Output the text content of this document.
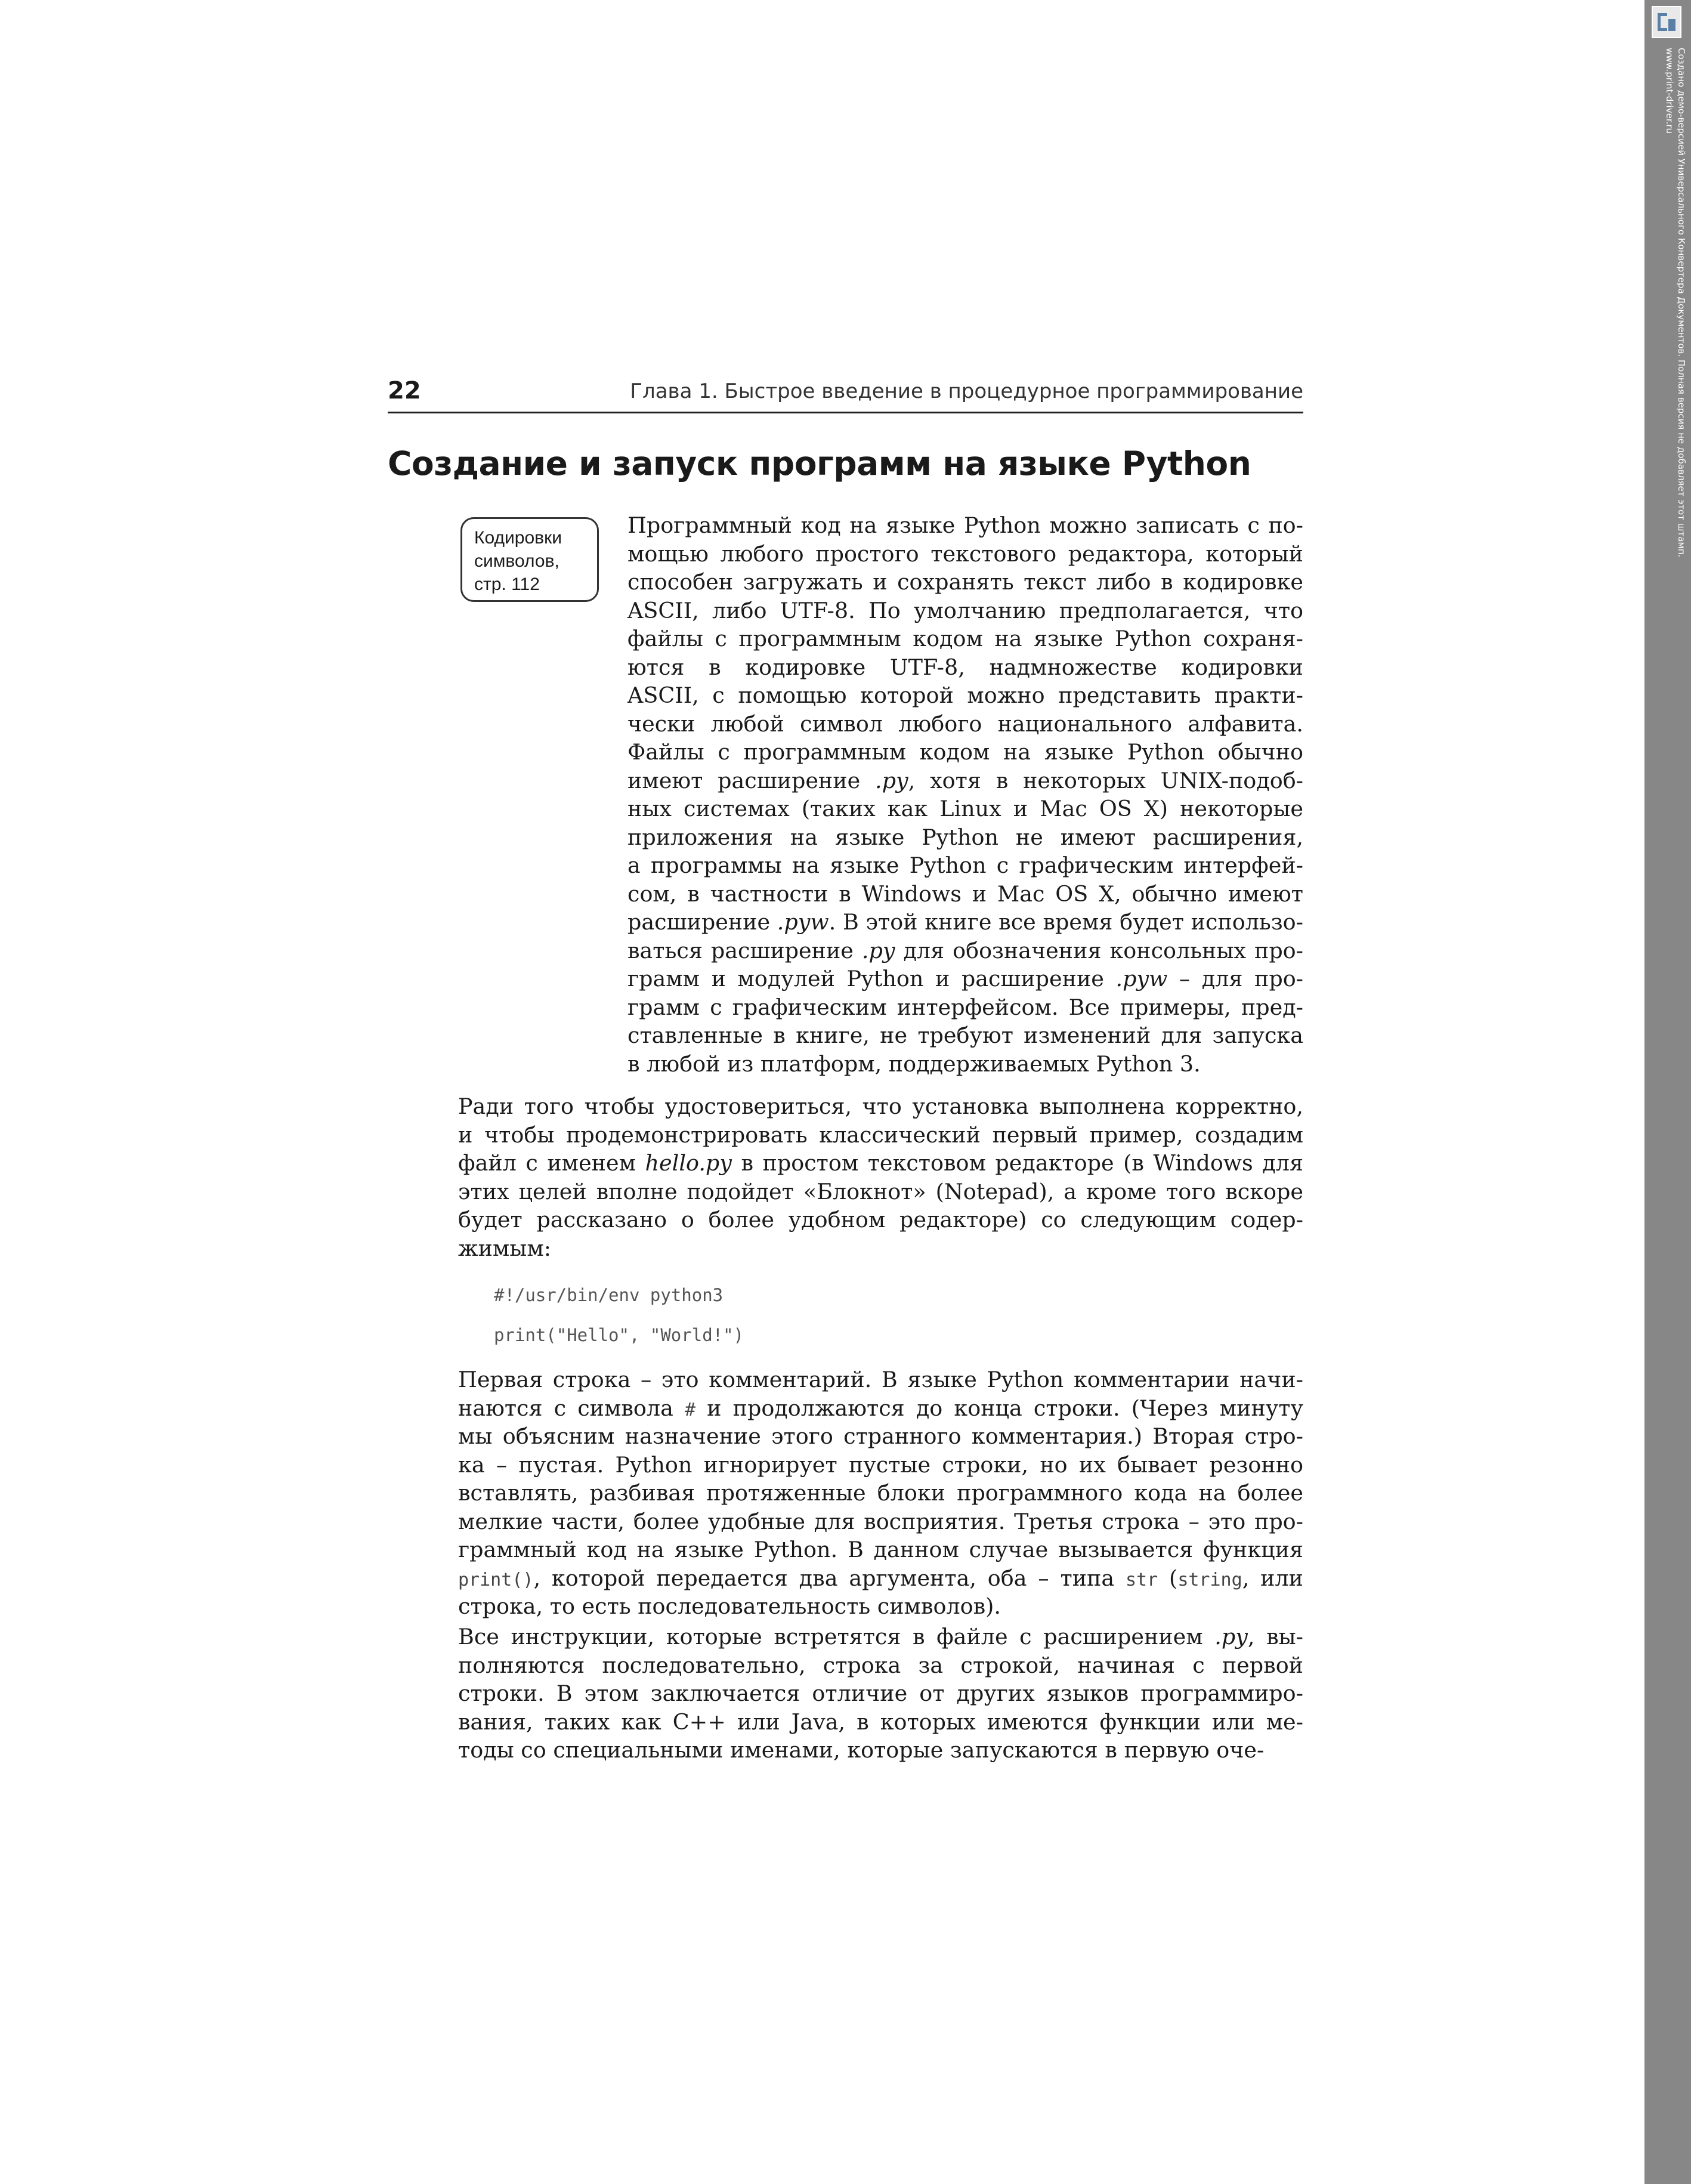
22	Глава 1. Быстрое введение в процедурное программирование
Создание и запуск программ на языке Python
Кодировки
символов,
стр. 112
Программный код на языке Python можно записать с по-
мощью любого простого текстового редактора, который
способен загружать и сохранять текст либо в кодировке
ASCII, либо UTF-8. По умолчанию предполагается, что
файлы с программным кодом на языке Python сохраня-
ются в кодировке UTF-8, надмножестве кодировки
ASCII, с помощью которой можно представить практи-
чески любой символ любого национального алфавита.
Файлы с программным кодом на языке Python обычно
имеют расширение .py, хотя в некоторых UNIX-подоб-
ных системах (таких как Linux и Mac OS X) некоторые
приложения на языке Python не имеют расширения,
а программы на языке Python с графическим интерфей-
сом, в частности в Windows и Mac OS X, обычно имеют
расширение .pyw. В этой книге все время будет использо-
ваться расширение .py для обозначения консольных про-
грамм и модулей Python и расширение .pyw – для про-
грамм с графическим интерфейсом. Все примеры, пред-
ставленные в книге, не требуют изменений для запуска
в любой из платформ, поддерживаемых Python 3.
Ради того чтобы удостовериться, что установка выполнена корректно,
и чтобы продемонстрировать классический первый пример, создадим
файл с именем hello.py в простом текстовом редакторе (в Windows для
этих целей вполне подойдет «Блокнот» (Notepad), а кроме того вскоре
будет рассказано о более удобном редакторе) со следующим содер-
жимым:
#!/usr/bin/env python3
print("Hello", "World!")
Первая строка – это комментарий. В языке Python комментарии начи-
наются с символа # и продолжаются до конца строки. (Через минуту
мы объясним назначение этого странного комментария.) Вторая стро-
ка – пустая. Python игнорирует пустые строки, но их бывает резонно
вставлять, разбивая протяженные блоки программного кода на более
мелкие части, более удобные для восприятия. Третья строка – это про-
граммный код на языке Python. В данном случае вызывается функция
print(), которой передается два аргумента, оба – типа str (string, или
строка, то есть последовательность символов).
Все инструкции, которые встретятся в файле с расширением .py, вы-
полняются последовательно, строка за строкой, начиная с первой
строки. В этом заключается отличие от других языков программиро-
вания, таких как C++ или Java, в которых имеются функции или ме-
тоды со специальными именами, которые запускаются в первую оче-
Создано демо-версией Универсального Конвертера Документов. Полная версия не добавляет этот штамп.
www.print-driver.ru
